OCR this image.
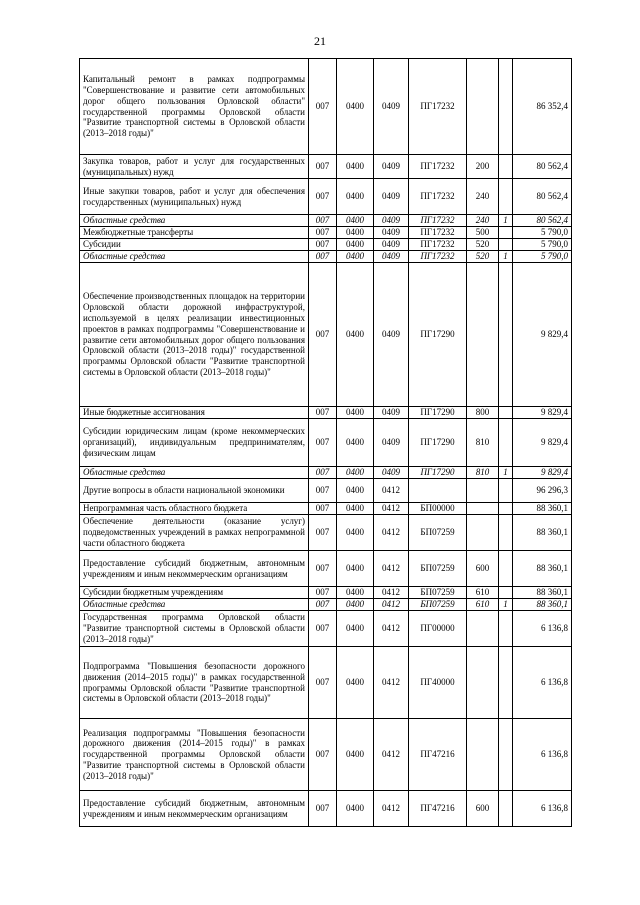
21
Капитальный ремонт в рамках подпрограммы "Совершенствование и развитие сети автомобильных дорог общего пользования Орловской области" государственной программы Орловской области "Развитие транспортной системы в Орловской области (2013–2018 годы)"	007	0400	0409	ПГ17232			86 352,4
Закупка товаров, работ и услуг для государственных (муниципальных) нужд	007	0400	0409	ПГ17232	200		80 562,4
Иные закупки товаров, работ и услуг для обеспечения государственных (муниципальных) нужд	007	0400	0409	ПГ17232	240		80 562,4
Областные средства	007	0400	0409	ПГ17232	240	1	80 562,4
Межбюджетные трансферты	007	0400	0409	ПГ17232	500		5 790,0
Субсидии	007	0400	0409	ПГ17232	520		5 790,0
Областные средства	007	0400	0409	ПГ17232	520	1	5 790,0
Обеспечение производственных площадок на территории Орловской области дорожной инфраструктурой, используемой в целях реализации инвестиционных проектов в рамках подпрограммы "Совершенствование и развитие сети автомобильных дорог общего пользования Орловской области (2013–2018 годы)" государственной программы Орловской области "Развитие транспортной системы в Орловской области (2013–2018 годы)"	007	0400	0409	ПГ17290			9 829,4
Иные бюджетные ассигнования	007	0400	0409	ПГ17290	800		9 829,4
Субсидии юридическим лицам (кроме некоммерческих организаций), индивидуальным предпринимателям, физическим лицам	007	0400	0409	ПГ17290	810		9 829,4
Областные средства	007	0400	0409	ПГ17290	810	1	9 829,4
Другие вопросы в области национальной экономики	007	0400	0412				96 296,3
Непрограммная часть областного бюджета	007	0400	0412	БП00000			88 360,1
Обеспечение деятельности (оказание услуг) подведомственных учреждений в рамках непрограммной части областного бюджета	007	0400	0412	БП07259			88 360,1
Предоставление субсидий бюджетным, автономным учреждениям и иным некоммерческим организациям	007	0400	0412	БП07259	600		88 360,1
Субсидии бюджетным учреждениям	007	0400	0412	БП07259	610		88 360,1
Областные средства	007	0400	0412	БП07259	610	1	88 360,1
Государственная программа Орловской области "Развитие транспортной системы в Орловской области (2013–2018 годы)"	007	0400	0412	ПГ00000			6 136,8
Подпрограмма "Повышения безопасности дорожного движения (2014–2015 годы)" в рамках государственной программы Орловской области "Развитие транспортной системы в Орловской области (2013–2018 годы)"	007	0400	0412	ПГ40000			6 136,8
Реализация подпрограммы "Повышения безопасности дорожного движения (2014–2015 годы)" в рамках государственной программы Орловской области "Развитие транспортной системы в Орловской области (2013–2018 годы)"	007	0400	0412	ПГ47216			6 136,8
Предоставление субсидий бюджетным, автономным учреждениям и иным некоммерческим организациям	007	0400	0412	ПГ47216	600		6 136,8
